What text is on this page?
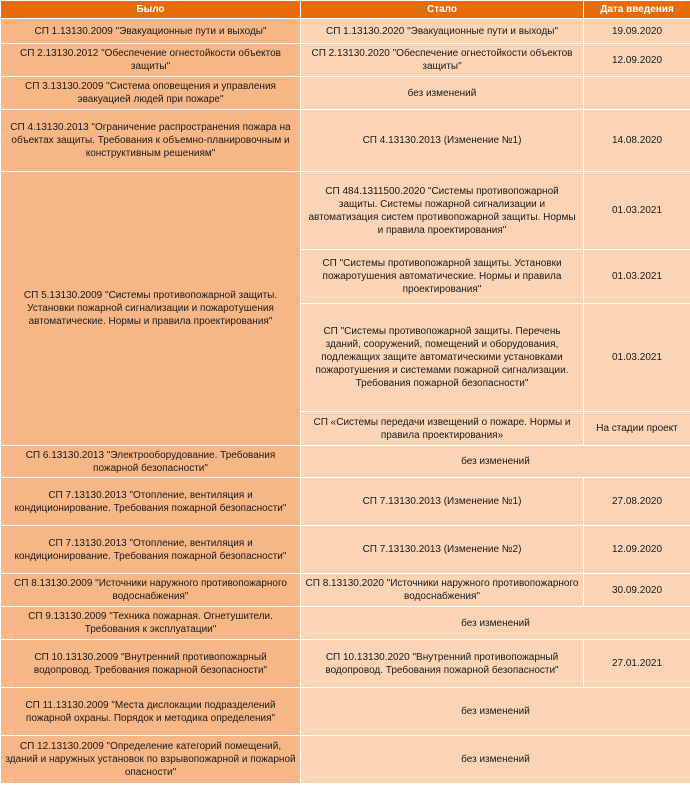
Было	Стало	Дата введения
СП 1.13130.2009 "Эвакуационные пути и выходы"	СП 1.13130.2020 "Эвакуационные пути и выходы"	19.09.2020
СП 2.13130.2012 "Обеспечение огнестойкости объектов защиты"	СП 2.13130.2020 "Обеспечение огнестойкости объектов защиты"	12.09.2020
СП 3.13130.2009 "Система оповещения и управления эвакуацией людей при пожаре"	без изменений	
СП 4.13130.2013 "Ограничение распространения пожара на объектах защиты. Требования к объемно-планировочным и конструктивным решениям"	СП 4.13130.2013 (Изменение №1)	14.08.2020
СП 5.13130.2009 "Системы противопожарной защиты. Установки пожарной сигнализации и пожаротушения автоматические. Нормы и правила проектирования"	СП 484.1311500.2020 "Системы противопожарной защиты. Системы пожарной сигнализации и автоматизация систем противопожарной защиты. Нормы и правила проектирования"	01.03.2021
	СП "Системы противопожарной защиты. Установки пожаротушения автоматические. Нормы и правила проектирования"	01.03.2021
	СП "Системы противопожарной защиты. Перечень зданий, сооружений, помещений и оборудования, подлежащих защите автоматическими установками пожаротушения и системами пожарной сигнализации. Требования пожарной безопасности"	01.03.2021
	СП «Системы передачи извещений о пожаре. Нормы и правила проектирования»	На стадии проект
СП 6.13130.2013 "Электрооборудование. Требования пожарной безопасности"	без изменений	
СП 7.13130.2013 "Отопление, вентиляция и кондиционирование. Требования пожарной безопасности"	СП 7.13130.2013 (Изменение №1)	27.08.2020
СП 7.13130.2013 "Отопление, вентиляция и кондиционирование. Требования пожарной безопасности"	СП 7.13130.2013 (Изменение №2)	12.09.2020
СП 8.13130.2009 "Источники наружного противопожарного водоснабжения"	СП 8.13130.2020 "Источники наружного противопожарного водоснабжения"	30.09.2020
СП 9.13130.2009 "Техника пожарная. Огнетушители. Требования к эксплуатации"	без изменений	
СП 10.13130.2009 "Внутренний противопожарный водопровод. Требования пожарной безопасности"	СП 10.13130.2020 "Внутренний противопожарный водопровод. Требования пожарной безопасности"	27.01.2021
СП 11.13130.2009 "Места дислокации подразделений пожарной охраны. Порядок и методика определения"	без изменений	
СП 12.13130.2009 "Определение категорий помещений, зданий и наружных установок по взрывопожарной и пожарной опасности"	без изменений	
